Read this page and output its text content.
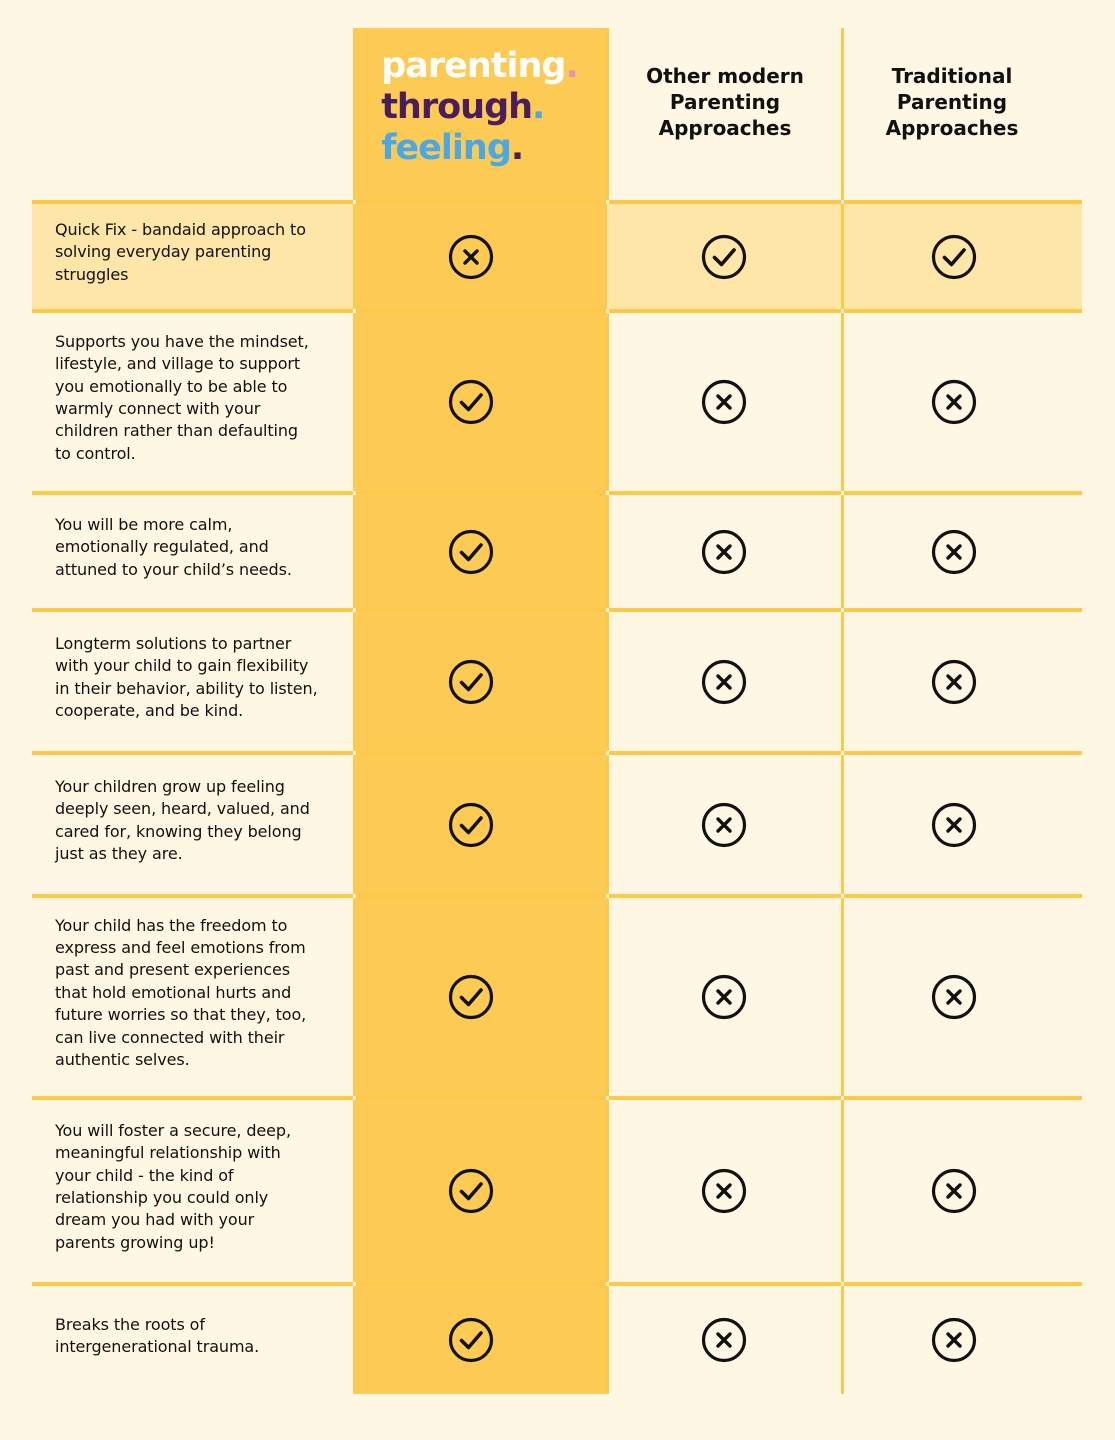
parenting.
through.
feeling.
Other modern
Parenting
Approaches
Traditional
Parenting
Approaches
Quick Fix - bandaid approach to
solving everyday parenting
struggles
Supports you have the mindset,
lifestyle, and village to support
you emotionally to be able to
warmly connect with your
children rather than defaulting
to control.
You will be more calm,
emotionally regulated, and
attuned to your child’s needs.
Longterm solutions to partner
with your child to gain flexibility
in their behavior, ability to listen,
cooperate, and be kind.
Your children grow up feeling
deeply seen, heard, valued, and
cared for, knowing they belong
just as they are.
Your child has the freedom to
express and feel emotions from
past and present experiences
that hold emotional hurts and
future worries so that they, too,
can live connected with their
authentic selves.
You will foster a secure, deep,
meaningful relationship with
your child - the kind of
relationship you could only
dream you had with your
parents growing up!
Breaks the roots of
intergenerational trauma.
